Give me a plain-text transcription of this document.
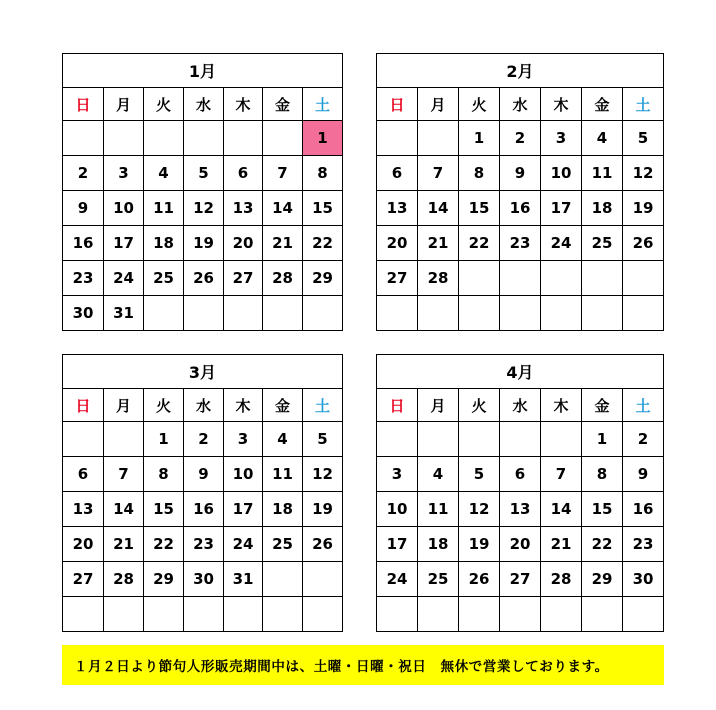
1月						
日	月	火	水	木	金	土
						1
2	3	4	5	6	7	8
9	10	11	12	13	14	15
16	17	18	19	20	21	22
23	24	25	26	27	28	29
30	31					
2月						
日	月	火	水	木	金	土
		1	2	3	4	5
6	7	8	9	10	11	12
13	14	15	16	17	18	19
20	21	22	23	24	25	26
27	28					

3月						
日	月	火	水	木	金	土
		1	2	3	4	5
6	7	8	9	10	11	12
13	14	15	16	17	18	19
20	21	22	23	24	25	26
27	28	29	30	31		

4月						
日	月	火	水	木	金	土
					1	2
3	4	5	6	7	8	9
10	11	12	13	14	15	16
17	18	19	20	21	22	23
24	25	26	27	28	29	30

１月２日より節句人形販売期間中は、土曜・日曜・祝日　無休で営業しております。
